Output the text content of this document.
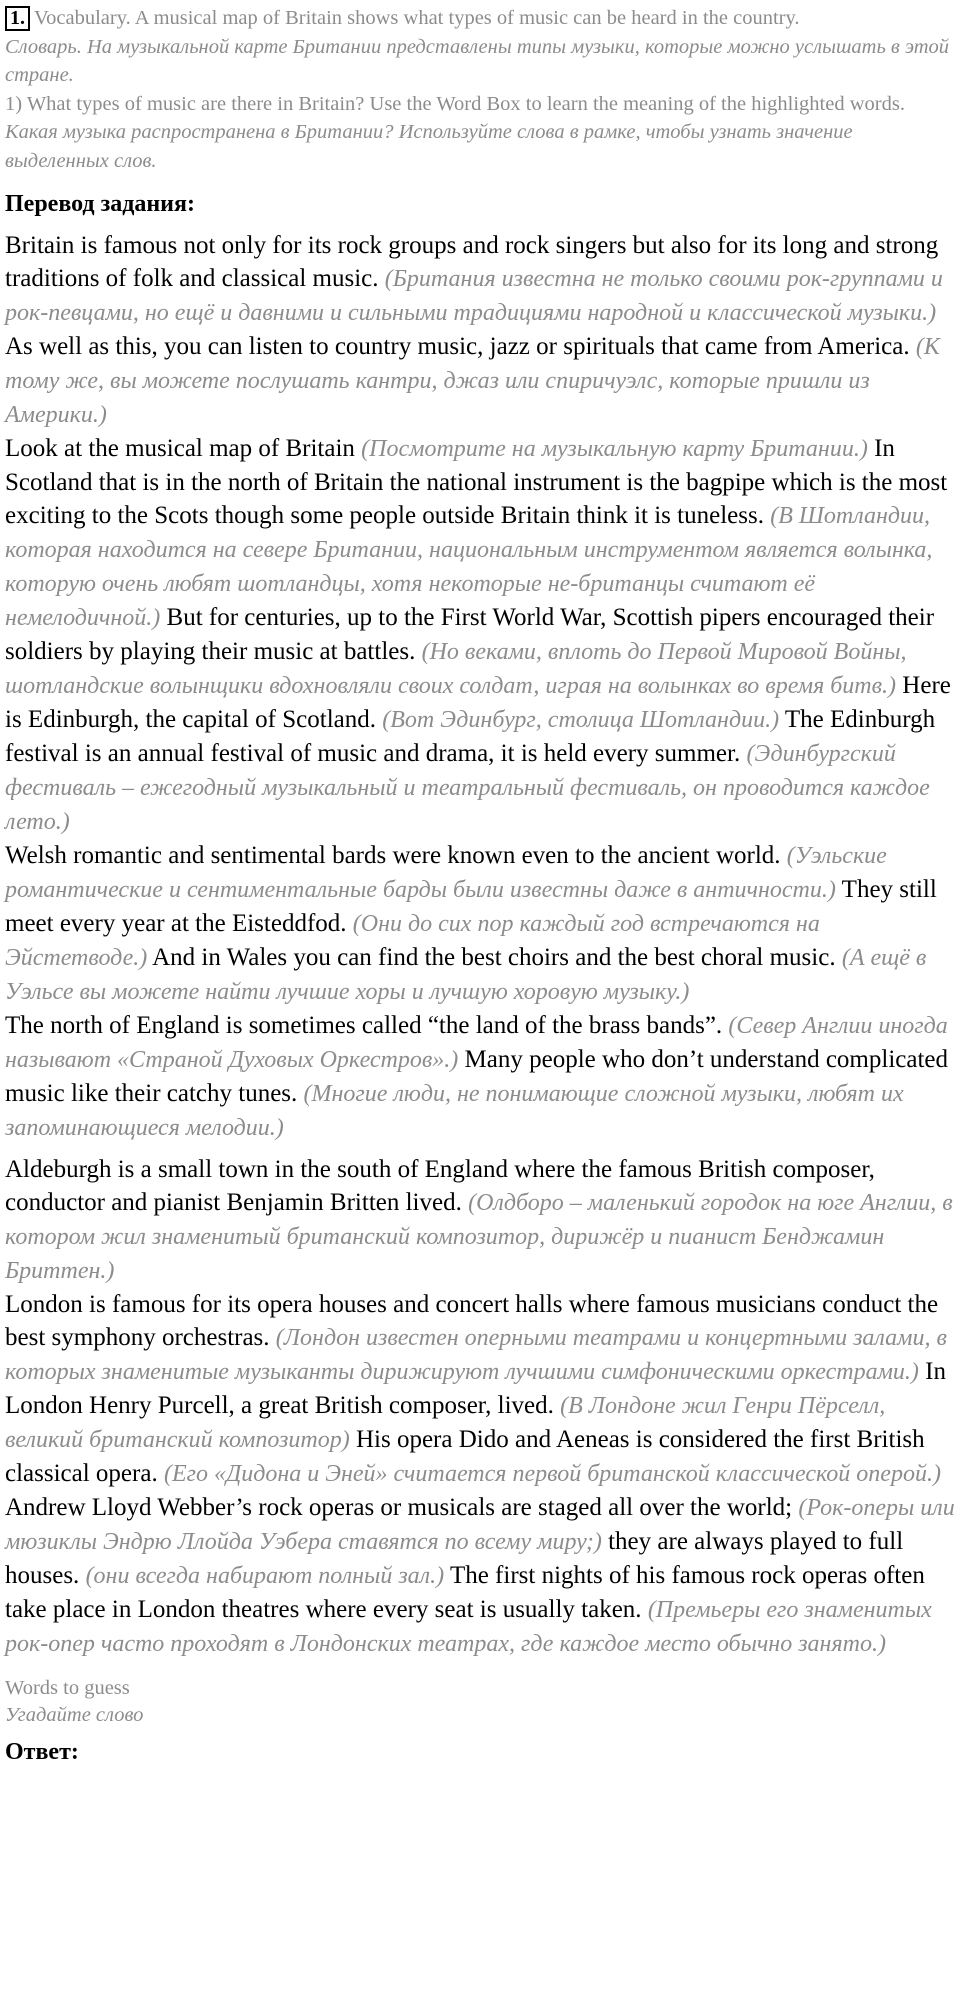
1. Vocabulary. A musical map of Britain shows what types of music can be heard in the country.
Словарь. На музыкальной карте Британии представлены типы музыки, которые можно услышать в этой стране.
1) What types of music are there in Britain? Use the Word Box to learn the meaning of the highlighted words.
Какая музыка распространена в Британии? Используйте слова в рамке, чтобы узнать значение выделенных слов.
Перевод задания:

Britain is famous not only for its rock groups and rock singers but also for its long and strong traditions of folk and classical music. (Британия известна не только своими рок-группами и рок-певцами, но ещё и давними и сильными традициями народной и классической музыки.) As well as this, you can listen to country music, jazz or spirituals that came from America. (К тому же, вы можете послушать кантри, джаз или спиричуэлс, которые пришли из Америки.)

Look at the musical map of Britain (Посмотрите на музыкальную карту Британии.) In Scotland that is in the north of Britain the national instrument is the bagpipe which is the most exciting to the Scots though some people outside Britain think it is tuneless. (В Шотландии, которая находится на севере Британии, национальным инструментом является волынка, которую очень любят шотландцы, хотя некоторые не-британцы считают её немелодичной.) But for centuries, up to the First World War, Scottish pipers encouraged their soldiers by playing their music at battles. (Но веками, вплоть до Первой Мировой Войны, шотландские волынщики вдохновляли своих солдат, играя на волынках во время битв.) Here is Edinburgh, the capital of Scotland. (Вот Эдинбург, столица Шотландии.) The Edinburgh festival is an annual festival of music and drama, it is held every summer. (Эдинбургский фестиваль – ежегодный музыкальный и театральный фестиваль, он проводится каждое лето.)

Welsh romantic and sentimental bards were known even to the ancient world. (Уэльские романтические и сентиментальные барды были известны даже в античности.) They still meet every year at the Eisteddfod. (Они до сих пор каждый год встречаются на Эйстетводе.) And in Wales you can find the best choirs and the best choral music. (А ещё в Уэльсе вы можете найти лучшие хоры и лучшую хоровую музыку.)

The north of England is sometimes called “the land of the brass bands”. (Север Англии иногда называют «Страной Духовых Оркестров».) Many people who don’t understand complicated music like their catchy tunes. (Многие люди, не понимающие сложной музыки, любят их запоминающиеся мелодии.)

Aldeburgh is a small town in the south of England where the famous British composer, conductor and pianist Benjamin Britten lived. (Олдборо – маленький городок на юге Англии, в котором жил знаменитый британский композитор, дирижёр и пианист Бенджамин Бриттен.)

London is famous for its opera houses and concert halls where famous musicians conduct the best symphony orchestras. (Лондон известен оперными театрами и концертными залами, в которых знаменитые музыканты дирижируют лучшими симфоническими оркестрами.) In London Henry Purcell, a great British composer, lived. (В Лондоне жил Генри Пёрселл, великий британский композитор) His opera Dido and Aeneas is considered the first British classical opera. (Его «Дидона и Эней» считается первой британской классической оперой.) Andrew Lloyd Webber’s rock operas or musicals are staged all over the world; (Рок-оперы или мюзиклы Эндрю Ллойда Уэбера ставятся по всему миру;) they are always played to full houses. (они всегда набирают полный зал.) The first nights of his famous rock operas often take place in London theatres where every seat is usually taken. (Премьеры его знаменитых рок-опер часто проходят в Лондонских театрах, где каждое место обычно занято.)

Words to guess
Угадайте слово
Ответ:
